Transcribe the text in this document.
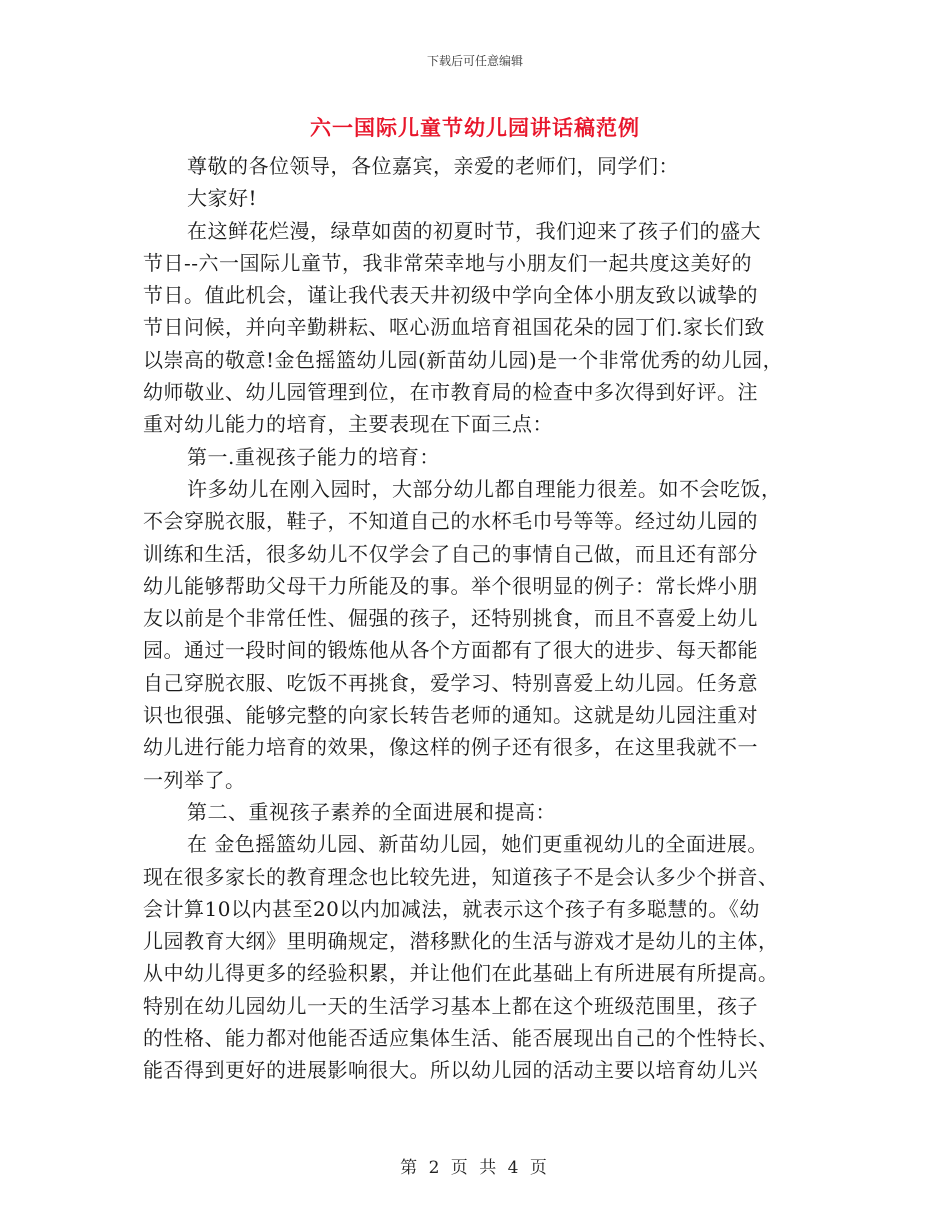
下载后可任意编辑
六一国际儿童节幼儿园讲话稿范例
尊敬的各位领导，各位嘉宾，亲爱的老师们，同学们：
大家好!
在这鲜花烂漫，绿草如茵的初夏时节，我们迎来了孩子们的盛大
节日--六一国际儿童节，我非常荣幸地与小朋友们一起共度这美好的
节日。值此机会，谨让我代表天井初级中学向全体小朋友致以诚挚的
节日问候，并向辛勤耕耘、呕心沥血培育祖国花朵的园丁们.家长们致
以崇高的敬意!金色摇篮幼儿园(新苗幼儿园)是一个非常优秀的幼儿园，
幼师敬业、幼儿园管理到位，在市教育局的检查中多次得到好评。注
重对幼儿能力的培育，主要表现在下面三点：
第一.重视孩子能力的培育：
许多幼儿在刚入园时，大部分幼儿都自理能力很差。如不会吃饭，
不会穿脱衣服，鞋子，不知道自己的水杯毛巾号等等。经过幼儿园的
训练和生活，很多幼儿不仅学会了自己的事情自己做，而且还有部分
幼儿能够帮助父母干力所能及的事。举个很明显的例子：常长烨小朋
友以前是个非常任性、倔强的孩子，还特别挑食，而且不喜爱上幼儿
园。通过一段时间的锻炼他从各个方面都有了很大的进步、每天都能
自己穿脱衣服、吃饭不再挑食，爱学习、特别喜爱上幼儿园。任务意
识也很强、能够完整的向家长转告老师的通知。这就是幼儿园注重对
幼儿进行能力培育的效果，像这样的例子还有很多，在这里我就不一
一列举了。
第二、重视孩子素养的全面进展和提高：
在 金色摇篮幼儿园、新苗幼儿园，她们更重视幼儿的全面进展。
现在很多家长的教育理念也比较先进，知道孩子不是会认多少个拼音、
会计算10以内甚至20以内加减法，就表示这个孩子有多聪慧的。《幼
儿园教育大纲》里明确规定，潜移默化的生活与游戏才是幼儿的主体，
从中幼儿得更多的经验积累，并让他们在此基础上有所进展有所提高。
特别在幼儿园幼儿一天的生活学习基本上都在这个班级范围里，孩子
的性格、能力都对他能否适应集体生活、能否展现出自己的个性特长、
能否得到更好的进展影响很大。所以幼儿园的活动主要以培育幼儿兴
第 2 页 共 4 页
